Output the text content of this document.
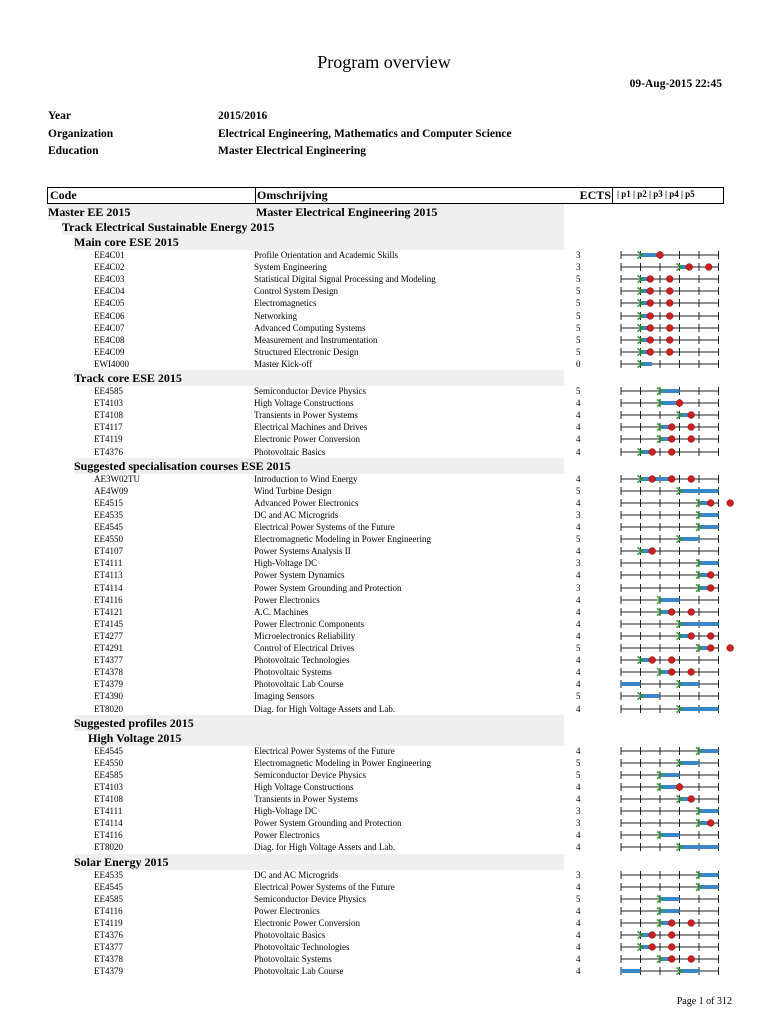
Program overview
09-Aug-2015 22:45
Year	2015/2016
Organization	Electrical Engineering, Mathematics and Computer Science
Education	Master Electrical Engineering
Code	Omschrijving	ECTS | p1 | p2 | p3 | p4 | p5
Master EE 2015	Master Electrical Engineering 2015
Track Electrical Sustainable Energy 2015
Main core ESE 2015
EE4C01	Profile Orientation and Academic Skills	3
EE4C02	System Engineering	3
EE4C03	Statistical Digital Signal Processing and Modeling	5
EE4C04	Control System Design	5
EE4C05	Electromagnetics	5
EE4C06	Networking	5
EE4C07	Advanced Computing Systems	5
EE4C08	Measurement and Instrumentation	5
EE4C09	Structured Electronic Design	5
EWI4000	Master Kick-off	0
Track core ESE 2015
EE4585	Semiconductor Device Physics	5
ET4103	High Voltage Constructions	4
ET4108	Transients in Power Systems	4
ET4117	Electrical Machines and Drives	4
ET4119	Electronic Power Conversion	4
ET4376	Photovoltaic Basics	4
Suggested specialisation courses ESE 2015
AE3W02TU	Introduction to Wind Energy	4
AE4W09	Wind Turbine Design	5
EE4515	Advanced Power Electronics	4
EE4535	DC and AC Microgrids	3
EE4545	Electrical Power Systems of the Future	4
EE4550	Electromagnetic Modeling in Power Engineering	5
ET4107	Power Systems Analysis II	4
ET4111	High-Voltage DC	3
ET4113	Power System Dynamics	4
ET4114	Power System Grounding and Protection	3
ET4116	Power Electronics	4
ET4121	A.C. Machines	4
ET4145	Power Electronic Components	4
ET4277	Microelectronics Reliability	4
ET4291	Control of Electrical Drives	5
ET4377	Photovoltaic Technologies	4
ET4378	Photovoltaic Systems	4
ET4379	Photovoltaic Lab Course	4
ET4390	Imaging Sensors	5
ET8020	Diag. for High Voltage Assets and Lab.	4
Suggested profiles 2015
High Voltage 2015
EE4545	Electrical Power Systems of the Future	4
EE4550	Electromagnetic Modeling in Power Engineering	5
EE4585	Semiconductor Device Physics	5
ET4103	High Voltage Constructions	4
ET4108	Transients in Power Systems	4
ET4111	High-Voltage DC	3
ET4114	Power System Grounding and Protection	3
ET4116	Power Electronics	4
ET8020	Diag. for High Voltage Assets and Lab.	4
Solar Energy 2015
EE4535	DC and AC Microgrids	3
EE4545	Electrical Power Systems of the Future	4
EE4585	Semiconductor Device Physics	5
ET4116	Power Electronics	4
ET4119	Electronic Power Conversion	4
ET4376	Photovoltaic Basics	4
ET4377	Photovoltaic Technologies	4
ET4378	Photovoltaic Systems	4
ET4379	Photovoltaic Lab Course	4
Page 1 of 312
